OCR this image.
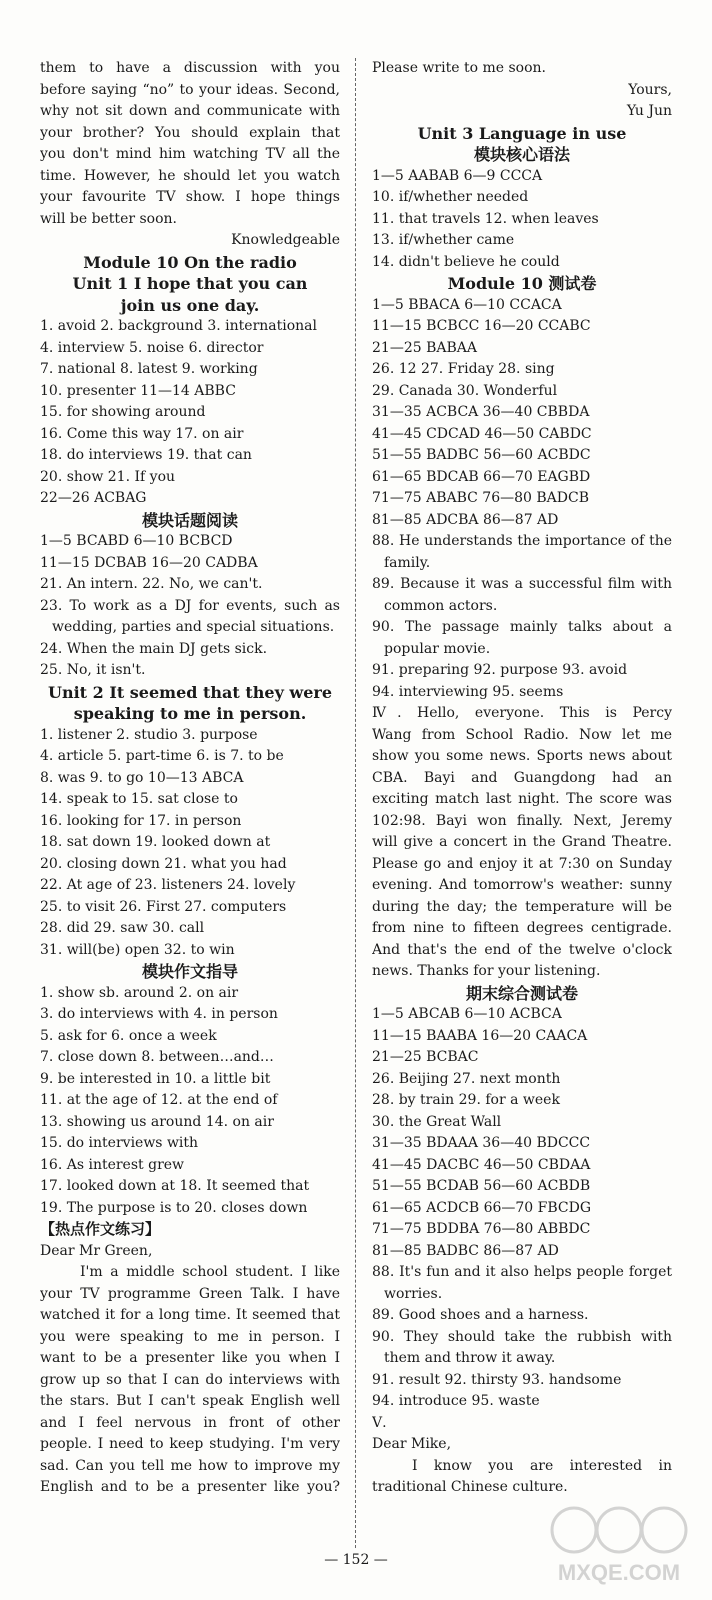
them to have a discussion with you
before saying “no” to your ideas. Second,
why not sit down and communicate with
your brother? You should explain that
you don't mind him watching TV all the
time. However, he should let you watch
your favourite TV show. I hope things
will be better soon.
Knowledgeable
Module 10 On the radio
Unit 1 I hope that you can
join us one day.
1. avoid 2. background 3. international
4. interview 5. noise 6. director
7. national 8. latest 9. working
10. presenter 11—14 ABBC
15. for showing around
16. Come this way 17. on air
18. do interviews 19. that can
20. show 21. If you
22—26 ACBAG
模块话题阅读
1—5 BCABD 6—10 BCBCD
11—15 DCBAB 16—20 CADBA
21. An intern. 22. No, we can't.
23. To work as a DJ for events, such as
wedding, parties and special situations.
24. When the main DJ gets sick.
25. No, it isn't.
Unit 2 It seemed that they were
speaking to me in person.
1. listener 2. studio 3. purpose
4. article 5. part-time 6. is 7. to be
8. was 9. to go 10—13 ABCA
14. speak to 15. sat close to
16. looking for 17. in person
18. sat down 19. looked down at
20. closing down 21. what you had
22. At age of 23. listeners 24. lovely
25. to visit 26. First 27. computers
28. did 29. saw 30. call
31. will(be) open 32. to win
模块作文指导
1. show sb. around 2. on air
3. do interviews with 4. in person
5. ask for 6. once a week
7. close down 8. between…and…
9. be interested in 10. a little bit
11. at the age of 12. at the end of
13. showing us around 14. on air
15. do interviews with
16. As interest grew
17. looked down at 18. It seemed that
19. The purpose is to 20. closes down
【热点作文练习】
Dear Mr Green,
I'm a middle school student. I like
your TV programme Green Talk. I have
watched it for a long time. It seemed that
you were speaking to me in person. I
want to be a presenter like you when I
grow up so that I can do interviews with
the stars. But I can't speak English well
and I feel nervous in front of other
people. I need to keep studying. I'm very
sad. Can you tell me how to improve my
English and to be a presenter like you?
Please write to me soon.
Yours,
Yu Jun
Unit 3 Language in use
模块核心语法
1—5 AABAB 6—9 CCCA
10. if/whether needed
11. that travels 12. when leaves
13. if/whether came
14. didn't believe he could
Module 10 测试卷
1—5 BBACA 6—10 CCACA
11—15 BCBCC 16—20 CCABC
21—25 BABAA
26. 12 27. Friday 28. sing
29. Canada 30. Wonderful
31—35 ACBCA 36—40 CBBDA
41—45 CDCAD 46—50 CABDC
51—55 BADBC 56—60 ACBDC
61—65 BDCAB 66—70 EAGBD
71—75 ABABC 76—80 BADCB
81—85 ADCBA 86—87 AD
88. He understands the importance of the
family.
89. Because it was a successful film with
common actors.
90. The passage mainly talks about a
popular movie.
91. preparing 92. purpose 93. avoid
94. interviewing 95. seems
Ⅳ. Hello, everyone. This is Percy
Wang from School Radio. Now let me
show you some news. Sports news about
CBA. Bayi and Guangdong had an
exciting match last night. The score was
102:98. Bayi won finally. Next, Jeremy
will give a concert in the Grand Theatre.
Please go and enjoy it at 7:30 on Sunday
evening. And tomorrow's weather: sunny
during the day; the temperature will be
from nine to fifteen degrees centigrade.
And that's the end of the twelve o'clock
news. Thanks for your listening.
期末综合测试卷
1—5 ABCAB 6—10 ACBCA
11—15 BAABA 16—20 CAACA
21—25 BCBAC
26. Beijing 27. next month
28. by train 29. for a week
30. the Great Wall
31—35 BDAAA 36—40 BDCCC
41—45 DACBC 46—50 CBDAA
51—55 BCDAB 56—60 ACBDB
61—65 ACDCB 66—70 FBCDG
71—75 BDDBA 76—80 ABBDC
81—85 BADBC 86—87 AD
88. It's fun and it also helps people forget
worries.
89. Good shoes and a harness.
90. They should take the rubbish with
them and throw it away.
91. result 92. thirsty 93. handsome
94. introduce 95. waste
Ⅴ.
Dear Mike,
I know you are interested in
traditional Chinese culture.
— 152 —	MXQE.COM
